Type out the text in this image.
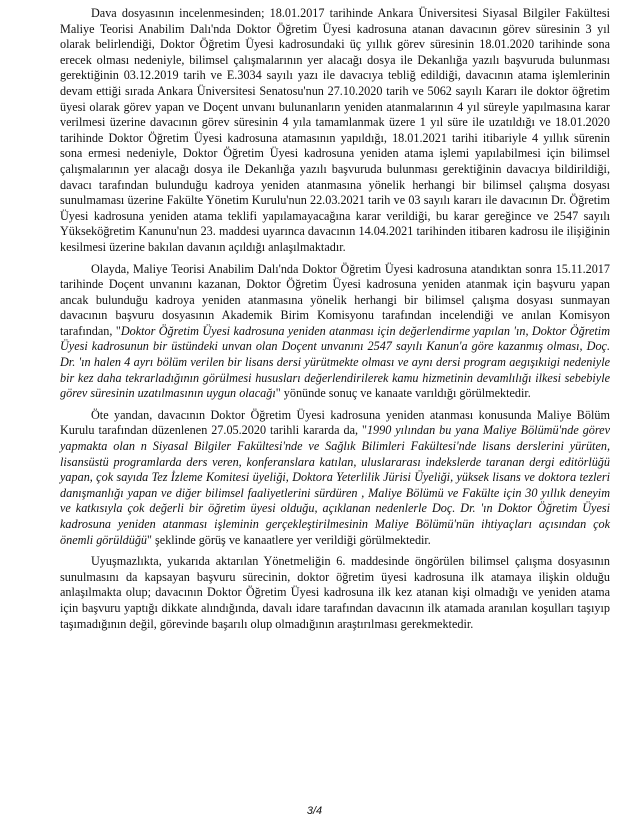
Dava dosyasının incelenmesinden; 18.01.2017 tarihinde Ankara Üniversitesi Siyasal Bilgiler Fakültesi Maliye Teorisi Anabilim Dalı'nda Doktor Öğretim Üyesi kadrosuna atanan davacının görev süresinin 3 yıl olarak belirlendiği, Doktor Öğretim Üyesi kadrosundaki üç yıllık görev süresinin 18.01.2020 tarihinde sona erecek olması nedeniyle, bilimsel çalışmalarının yer alacağı dosya ile Dekanlığa yazılı başvuruda bulunması gerektiğinin 03.12.2019 tarih ve E.3034 sayılı yazı ile davacıya tebliğ edildiği, davacının atama işlemlerinin devam ettiği sırada Ankara Üniversitesi Senatosu'nun 27.10.2020 tarih ve 5062 sayılı Kararı ile doktor öğretim üyesi olarak görev yapan ve Doçent unvanı bulunanların yeniden atanmalarının 4 yıl süreyle yapılmasına karar verilmesi üzerine davacının görev süresinin 4 yıla tamamlanmak üzere 1 yıl süre ile uzatıldığı ve 18.01.2020 tarihinde Doktor Öğretim Üyesi kadrosuna atamasının yapıldığı, 18.01.2021 tarihi itibariyle 4 yıllık sürenin sona ermesi nedeniyle, Doktor Öğretim Üyesi kadrosuna yeniden atama işlemi yapılabilmesi için bilimsel çalışmalarının yer alacağı dosya ile Dekanlığa yazılı başvuruda bulunması gerektiğinin davacıya bildirildiği, davacı tarafından bulunduğu kadroya yeniden atanmasına yönelik herhangi bir bilimsel çalışma dosyası sunulmaması üzerine Fakülte Yönetim Kurulu'nun 22.03.2021 tarih ve 03 sayılı kararı ile davacının Dr. Öğretim Üyesi kadrosuna yeniden atama teklifi yapılamayacağına karar verildiği, bu karar gereğince ve 2547 sayılı Yükseköğretim Kanunu'nun 23. maddesi uyarınca davacının 14.04.2021 tarihinden itibaren kadrosu ile ilişiğinin kesilmesi üzerine bakılan davanın açıldığı anlaşılmaktadır.

Olayda, Maliye Teorisi Anabilim Dalı'nda Doktor Öğretim Üyesi kadrosuna atandıktan sonra 15.11.2017 tarihinde Doçent unvanını kazanan, Doktor Öğretim Üyesi kadrosuna yeniden atanmak için başvuru yapan ancak bulunduğu kadroya yeniden atanmasına yönelik herhangi bir bilimsel çalışma dosyası sunmayan davacının başvuru dosyasının Akademik Birim Komisyonu tarafından incelendiği ve anılan Komisyon tarafından, "Doktor Öğretim Üyesi kadrosuna yeniden atanması için değerlendirme yapılan 'ın, Doktor Öğretim Üyesi kadrosunun bir üstündeki unvan olan Doçent unvanını 2547 sayılı Kanun'a göre kazanmış olması, Doç. Dr. 'ın halen 4 ayrı bölüm verilen bir lisans dersi yürütmekte olması ve aynı dersi program aegışıkıigi nedeniyle bir kez daha tekrarladığının görülmesi hususları değerlendirilerek kamu hizmetinin devamlılığı ilkesi sebebiyle görev süresinin uzatılmasının uygun olacağı" yönünde sonuç ve kanaate varıldığı görülmektedir.

Öte yandan, davacının Doktor Öğretim Üyesi kadrosuna yeniden atanması konusunda Maliye Bölüm Kurulu tarafından düzenlenen 27.05.2020 tarihli kararda da, "1990 yılından bu yana Maliye Bölümü'nde görev yapmakta olan n Siyasal Bilgiler Fakültesi'nde ve Sağlık Bilimleri Fakültesi'nde lisans derslerini yürüten, lisansüstü programlarda ders veren, konferanslara katılan, uluslararası indekslerde taranan dergi editörlüğü yapan, çok sayıda Tez İzleme Komitesi üyeliği, Doktora Yeterlilik Jürisi Üyeliği, yüksek lisans ve doktora tezleri danışmanlığı yapan ve diğer bilimsel faaliyetlerini sürdüren , Maliye Bölümü ve Fakülte için 30 yıllık deneyim ve katkısıyla çok değerli bir öğretim üyesi olduğu, açıklanan nedenlerle Doç. Dr. 'ın Doktor Öğretim Üyesi kadrosuna yeniden atanması işleminin gerçekleştirilmesinin Maliye Bölümü'nün ihtiyaçları açısından çok önemli görüldüğü" şeklinde görüş ve kanaatlere yer verildiği görülmektedir.

Uyuşmazlıkta, yukarıda aktarılan Yönetmeliğin 6. maddesinde öngörülen bilimsel çalışma dosyasının sunulmasını da kapsayan başvuru sürecinin, doktor öğretim üyesi kadrosuna ilk atamaya ilişkin olduğu anlaşılmakta olup; davacının Doktor Öğretim Üyesi kadrosuna ilk kez atanan kişi olmadığı ve yeniden atama için başvuru yaptığı dikkate alındığında, davalı idare tarafından davacının ilk atamada aranılan koşulları taşıyıp taşımadığının değil, görevinde başarılı olup olmadığının araştırılması gerekmektedir.

3/4
